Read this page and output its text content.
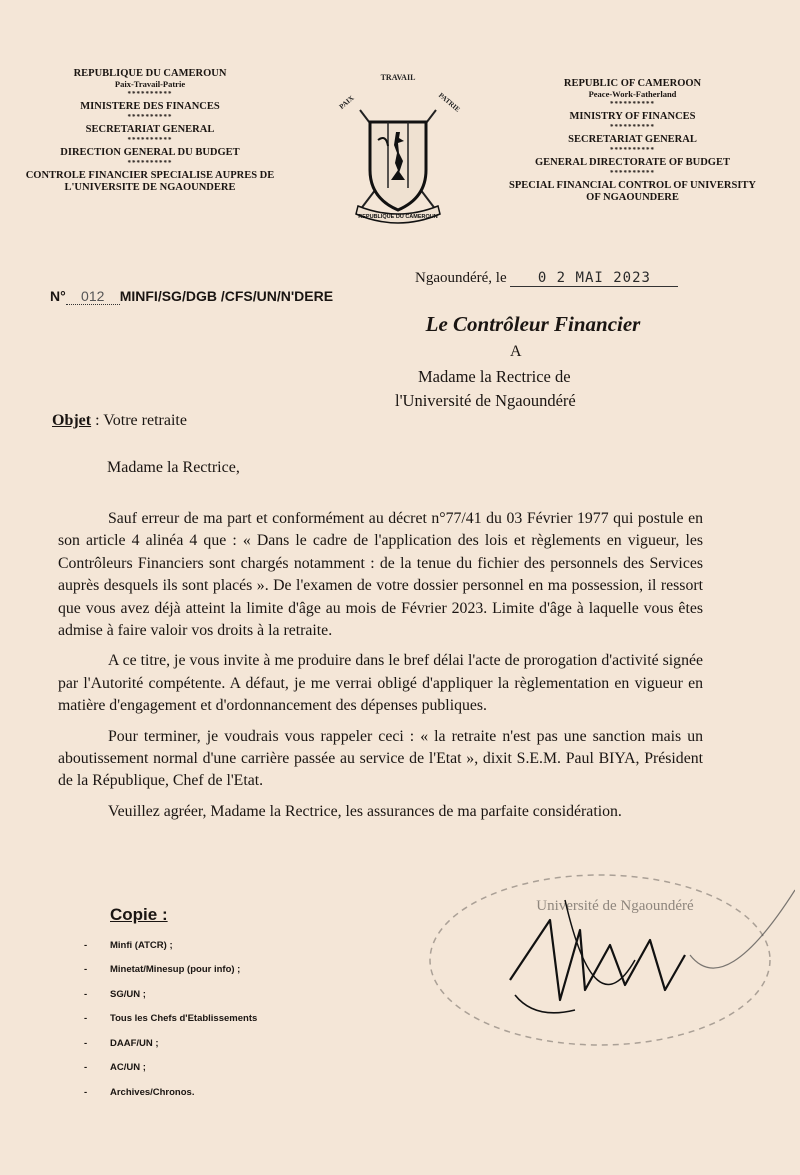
REPUBLIQUE DU CAMEROUN
Paix-Travail-Patrie
**********
MINISTERE DES FINANCES
**********
SECRETARIAT GENERAL
**********
DIRECTION GENERAL DU BUDGET
**********
CONTROLE FINANCIER SPECIALISE AUPRES DE
L'UNIVERSITE DE NGAOUNDERE
TRAVAIL
PAIX	PATRIE
REPUBLIQUE DU CAMEROUN
REPUBLIC OF CAMEROON
Peace-Work-Fatherland
**********
MINISTRY OF FINANCES
**********
SECRETARIAT GENERAL
**********
GENERAL DIRECTORATE OF BUDGET
**********
SPECIAL FINANCIAL CONTROL OF UNIVERSITY
OF NGAOUNDERE
Ngaoundéré, le 0 2 MAI 2023
N° 012 MINFI/SG/DGB /CFS/UN/N'DERE
Le Contrôleur Financier
A
Madame la Rectrice de
l'Université de Ngaoundéré
Objet : Votre retraite
Madame la Rectrice,

Sauf erreur de ma part et conformément au décret n°77/41 du 03 Février 1977 qui postule en son article 4 alinéa 4 que : « Dans le cadre de l'application des lois et règlements en vigueur, les Contrôleurs Financiers sont chargés notamment : de la tenue du fichier des personnels des Services auprès desquels ils sont placés ». De l'examen de votre dossier personnel en ma possession, il ressort que vous avez déjà atteint la limite d'âge au mois de Février 2023. Limite d'âge à laquelle vous êtes admise à faire valoir vos droits à la retraite.

A ce titre, je vous invite à me produire dans le bref délai l'acte de prorogation d'activité signée par l'Autorité compétente. A défaut, je me verrai obligé d'appliquer la règlementation en vigueur en matière d'engagement et d'ordonnancement des dépenses publiques.

Pour terminer, je voudrais vous rappeler ceci : « la retraite n'est pas une sanction mais un aboutissement normal d'une carrière passée au service de l'Etat », dixit S.E.M. Paul BIYA, Président de la République, Chef de l'Etat.

Veuillez agréer, Madame la Rectrice, les assurances de ma parfaite considération.

Copie :
-	Minfi (ATCR) ;
-	Minetat/Minesup (pour info) ;
-	SG/UN ;
-	Tous les Chefs d'Etablissements
-	DAAF/UN ;
-	AC/UN ;
-	Archives/Chronos.
Université de Ngaoundéré
